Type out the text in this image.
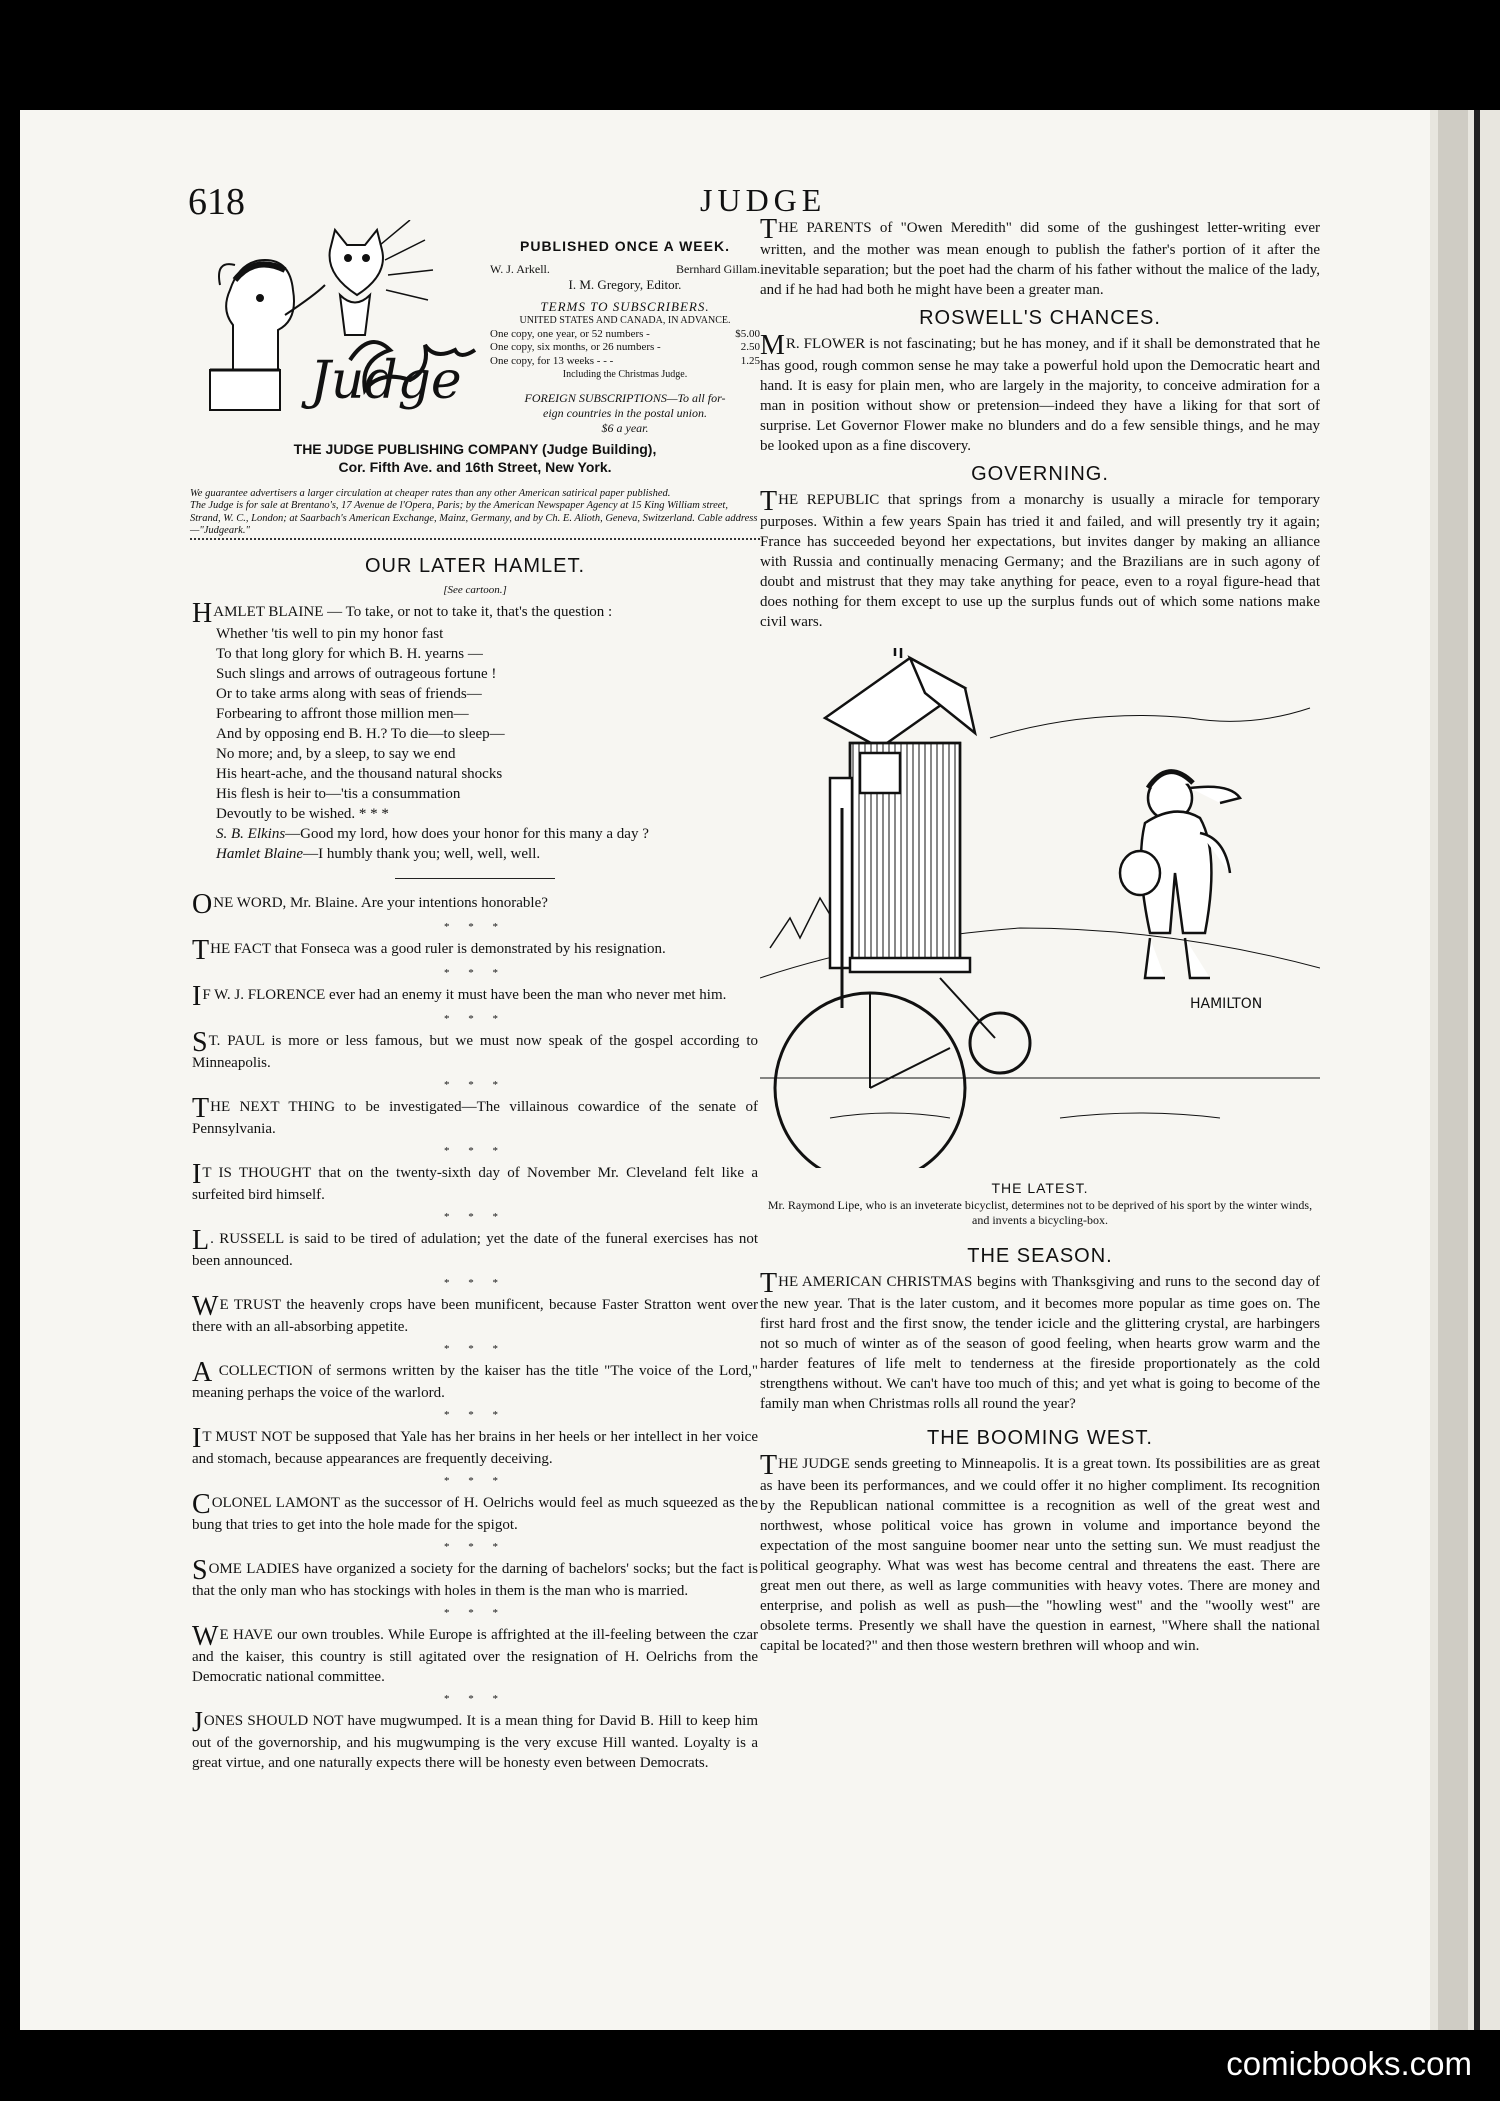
618	JUDGE
Judge
PUBLISHED ONCE A WEEK.
W. J. Arkell.	Bernhard Gillam.
I. M. Gregory, Editor.
TERMS TO SUBSCRIBERS.
UNITED STATES AND CANADA, IN ADVANCE.
One copy, one year, or 52 numbers -	$5.00
One copy, six months, or 26 numbers -	2.50
One copy, for 13 weeks - - -	1.25
Including the Christmas Judge.
FOREIGN SUBSCRIPTIONS—To all for-
eign countries in the postal union.
$6 a year.
THE JUDGE PUBLISHING COMPANY (Judge Building),
Cor. Fifth Ave. and 16th Street, New York.
We guarantee advertisers a larger circulation at cheaper rates than any other American satirical paper published.
The Judge is for sale at Brentano's, 17 Avenue de l'Opera, Paris; by the American Newspaper Agency at 15 King William street, Strand, W. C., London; at Saarbach's American Exchange, Mainz, Germany, and by Ch. E. Alioth, Geneva, Switzerland. Cable address—"Judgeark."
OUR LATER HAMLET.
[See cartoon.]
HAMLET BLAINE — To take, or not to take it, that's the question :
Whether 'tis well to pin my honor fast
To that long glory for which B. H. yearns —
Such slings and arrows of outrageous fortune !
Or to take arms along with seas of friends—
Forbearing to affront those million men—
And by opposing end B. H.? To die—to sleep—
No more; and, by a sleep, to say we end
His heart-ache, and the thousand natural shocks
His flesh is heir to—'tis a consummation
Devoutly to be wished. * * *
S. B. Elkins—Good my lord, how does your honor for this many a day ?
Hamlet Blaine—I humbly thank you; well, well, well.
ONE WORD, Mr. Blaine. Are your intentions honorable?
* * *
THE FACT that Fonseca was a good ruler is demonstrated by his resignation.
* * *
IF W. J. FLORENCE ever had an enemy it must have been the man who never met him.
* * *
ST. PAUL is more or less famous, but we must now speak of the gospel according to Minneapolis.
* * *
THE NEXT THING to be investigated—The villainous cowardice of the senate of Pennsylvania.
* * *
IT IS THOUGHT that on the twenty-sixth day of November Mr. Cleveland felt like a surfeited bird himself.
* * *
L. RUSSELL is said to be tired of adulation; yet the date of the funeral exercises has not been announced.
* * *
WE TRUST the heavenly crops have been munificent, because Faster Stratton went over there with an all-absorbing appetite.
* * *
A COLLECTION of sermons written by the kaiser has the title "The voice of the Lord," meaning perhaps the voice of the warlord.
* * *
IT MUST NOT be supposed that Yale has her brains in her heels or her intellect in her voice and stomach, because appearances are frequently deceiving.
* * *
COLONEL LAMONT as the successor of H. Oelrichs would feel as much squeezed as the bung that tries to get into the hole made for the spigot.
* * *
SOME LADIES have organized a society for the darning of bachelors' socks; but the fact is that the only man who has stockings with holes in them is the man who is married.
* * *
WE HAVE our own troubles. While Europe is affrighted at the ill-feeling between the czar and the kaiser, this country is still agitated over the resignation of H. Oelrichs from the Democratic national committee.
* * *
JONES SHOULD NOT have mugwumped. It is a mean thing for David B. Hill to keep him out of the governorship, and his mugwumping is the very excuse Hill wanted. Loyalty is a great virtue, and one naturally expects there will be honesty even between Democrats.
THE PARENTS of "Owen Meredith" did some of the gushingest letter-writing ever written, and the mother was mean enough to publish the father's portion of it after the inevitable separation; but the poet had the charm of his father without the malice of the lady, and if he had had both he might have been a greater man.
ROSWELL'S CHANCES.
MR. FLOWER is not fascinating; but he has money, and if it shall be demonstrated that he has good, rough common sense he may take a powerful hold upon the Democratic heart and hand. It is easy for plain men, who are largely in the majority, to conceive admiration for a man in position without show or pretension—indeed they have a liking for that sort of surprise. Let Governor Flower make no blunders and do a few sensible things, and he may be looked upon as a fine discovery.
GOVERNING.
THE REPUBLIC that springs from a monarchy is usually a miracle for temporary purposes. Within a few years Spain has tried it and failed, and will presently try it again; France has succeeded beyond her expectations, but invites danger by making an alliance with Russia and continually menacing Germany; and the Brazilians are in such agony of doubt and mistrust that they may take anything for peace, even to a royal figure-head that does nothing for them except to use up the surplus funds out of which some nations make civil wars.
HAMILTON
THE LATEST.
Mr. Raymond Lipe, who is an inveterate bicyclist, determines not to be deprived of his sport by the winter winds, and invents a bicycling-box.
THE SEASON.
THE AMERICAN CHRISTMAS begins with Thanksgiving and runs to the second day of the new year. That is the later custom, and it becomes more popular as time goes on. The first hard frost and the first snow, the tender icicle and the glittering crystal, are harbingers not so much of winter as of the season of good feeling, when hearts grow warm and the harder features of life melt to tenderness at the fireside proportionately as the cold strengthens without. We can't have too much of this; and yet what is going to become of the family man when Christmas rolls all round the year?
THE BOOMING WEST.
THE JUDGE sends greeting to Minneapolis. It is a great town. Its possibilities are as great as have been its performances, and we could offer it no higher compliment. Its recognition by the Republican national committee is a recognition as well of the great west and northwest, whose political voice has grown in volume and importance beyond the expectation of the most sanguine boomer near unto the setting sun. We must readjust the political geography. What was west has become central and threatens the east. There are great men out there, as well as large communities with heavy votes. There are money and enterprise, and polish as well as push—the "howling west" and the "woolly west" are obsolete terms. Presently we shall have the question in earnest, "Where shall the national capital be located?" and then those western brethren will whoop and win.
comicbooks.com
